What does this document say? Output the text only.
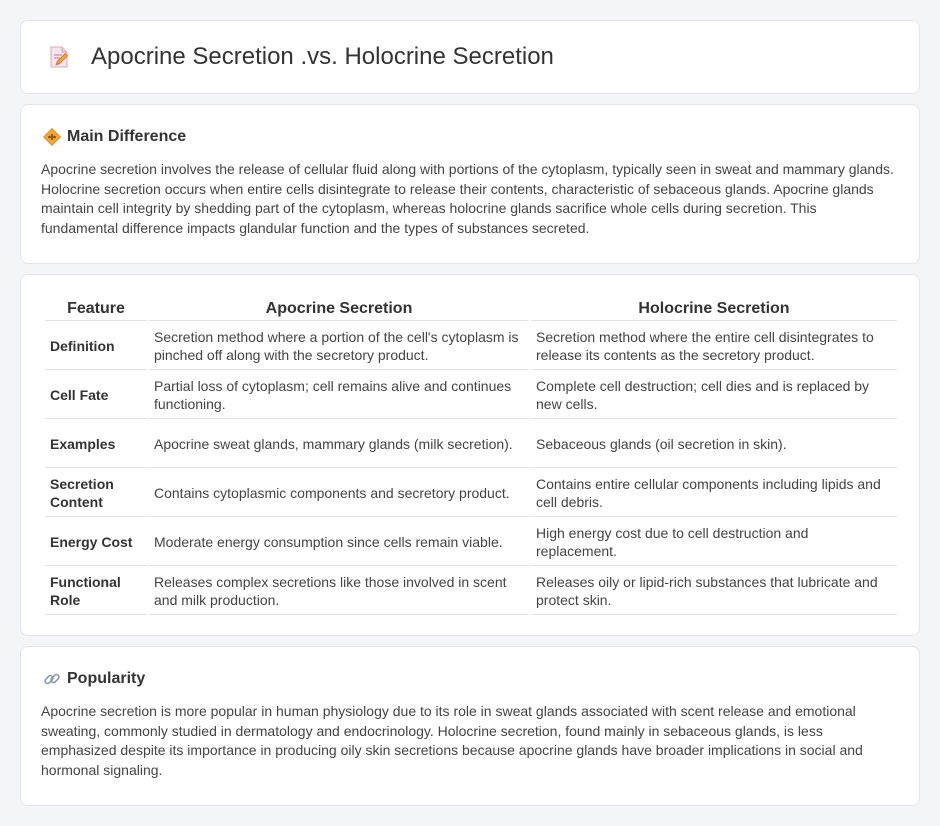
Apocrine Secretion .vs. Holocrine Secretion
Main Difference

Apocrine secretion involves the release of cellular fluid along with portions of the cytoplasm, typically seen in sweat and mammary glands. Holocrine secretion occurs when entire cells disintegrate to release their contents, characteristic of sebaceous glands. Apocrine glands maintain cell integrity by shedding part of the cytoplasm, whereas holocrine glands sacrifice whole cells during secretion. This fundamental difference impacts glandular function and the types of substances secreted.

Feature	Apocrine Secretion	Holocrine Secretion
Definition	Secretion method where a portion of the cell's cytoplasm is pinched off along with the secretory product.	Secretion method where the entire cell disintegrates to release its contents as the secretory product.
Cell Fate	Partial loss of cytoplasm; cell remains alive and continues functioning.	Complete cell destruction; cell dies and is replaced by new cells.
Examples	Apocrine sweat glands, mammary glands (milk secretion).	Sebaceous glands (oil secretion in skin).
Secretion Content	Contains cytoplasmic components and secretory product.	Contains entire cellular components including lipids and cell debris.
Energy Cost	Moderate energy consumption since cells remain viable.	High energy cost due to cell destruction and replacement.
Functional Role	Releases complex secretions like those involved in scent and milk production.	Releases oily or lipid-rich substances that lubricate and protect skin.
Popularity

Apocrine secretion is more popular in human physiology due to its role in sweat glands associated with scent release and emotional sweating, commonly studied in dermatology and endocrinology. Holocrine secretion, found mainly in sebaceous glands, is less emphasized despite its importance in producing oily skin secretions because apocrine glands have broader implications in social and hormonal signaling.
